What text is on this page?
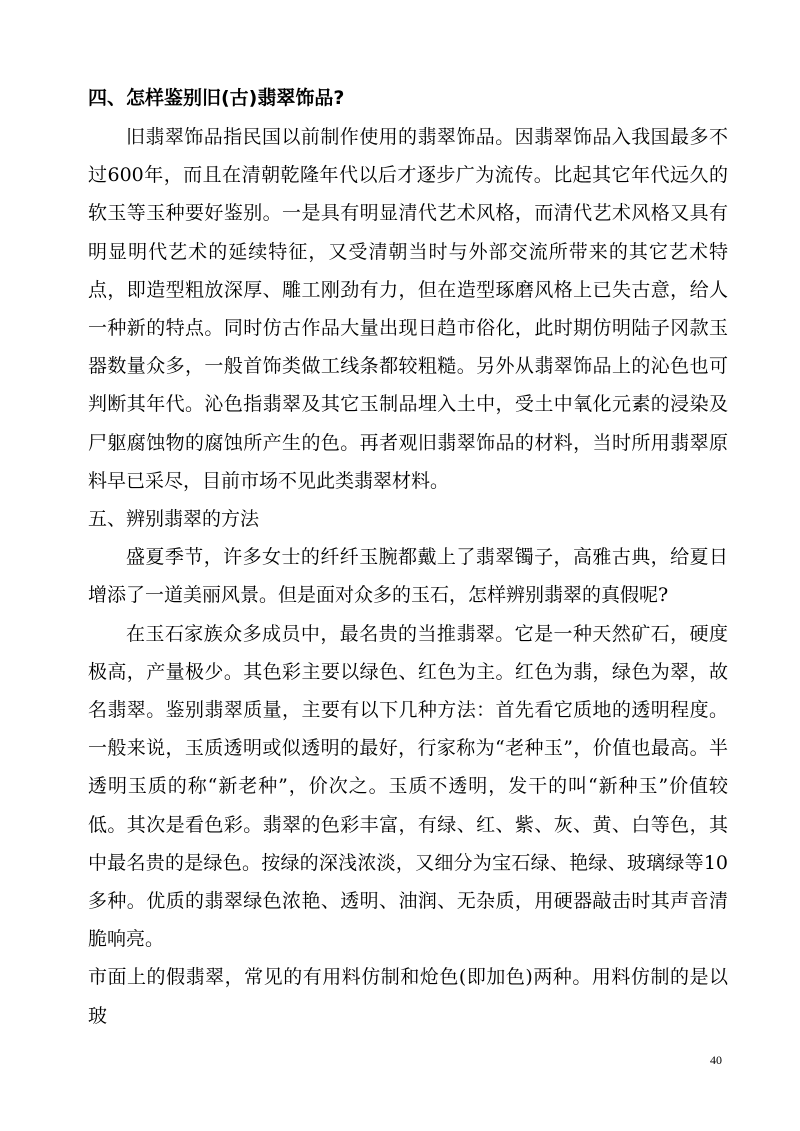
四、怎样鉴别旧(古)翡翠饰品?

旧翡翠饰品指民国以前制作使用的翡翠饰品。因翡翠饰品入我国最多不过600年，而且在清朝乾隆年代以后才逐步广为流传。比起其它年代远久的软玉等玉种要好鉴别。一是具有明显清代艺术风格，而清代艺术风格又具有明显明代艺术的延续特征，又受清朝当时与外部交流所带来的其它艺术特点，即造型粗放深厚、雕工刚劲有力，但在造型琢磨风格上已失古意，给人一种新的特点。同时仿古作品大量出现日趋市俗化，此时期仿明陆子冈款玉器数量众多，一般首饰类做工线条都较粗糙。另外从翡翠饰品上的沁色也可判断其年代。沁色指翡翠及其它玉制品埋入土中，受土中氧化元素的浸染及尸躯腐蚀物的腐蚀所产生的色。再者观旧翡翠饰品的材料，当时所用翡翠原料早已采尽，目前市场不见此类翡翠材料。

五、辨别翡翠的方法

盛夏季节，许多女士的纤纤玉腕都戴上了翡翠镯子，高雅古典，给夏日增添了一道美丽风景。但是面对众多的玉石，怎样辨别翡翠的真假呢?

在玉石家族众多成员中，最名贵的当推翡翠。它是一种天然矿石，硬度极高，产量极少。其色彩主要以绿色、红色为主。红色为翡，绿色为翠，故名翡翠。鉴别翡翠质量，主要有以下几种方法：首先看它质地的透明程度。一般来说，玉质透明或似透明的最好，行家称为“老种玉”，价值也最高。半透明玉质的称“新老种”，价次之。玉质不透明，发干的叫“新种玉”价值较低。其次是看色彩。翡翠的色彩丰富，有绿、红、紫、灰、黄、白等色，其中最名贵的是绿色。按绿的深浅浓淡，又细分为宝石绿、艳绿、玻璃绿等10多种。优质的翡翠绿色浓艳、透明、油润、无杂质，用硬器敲击时其声音清脆响亮。

市面上的假翡翠，常见的有用料仿制和炝色(即加色)两种。用料仿制的是以玻

40
